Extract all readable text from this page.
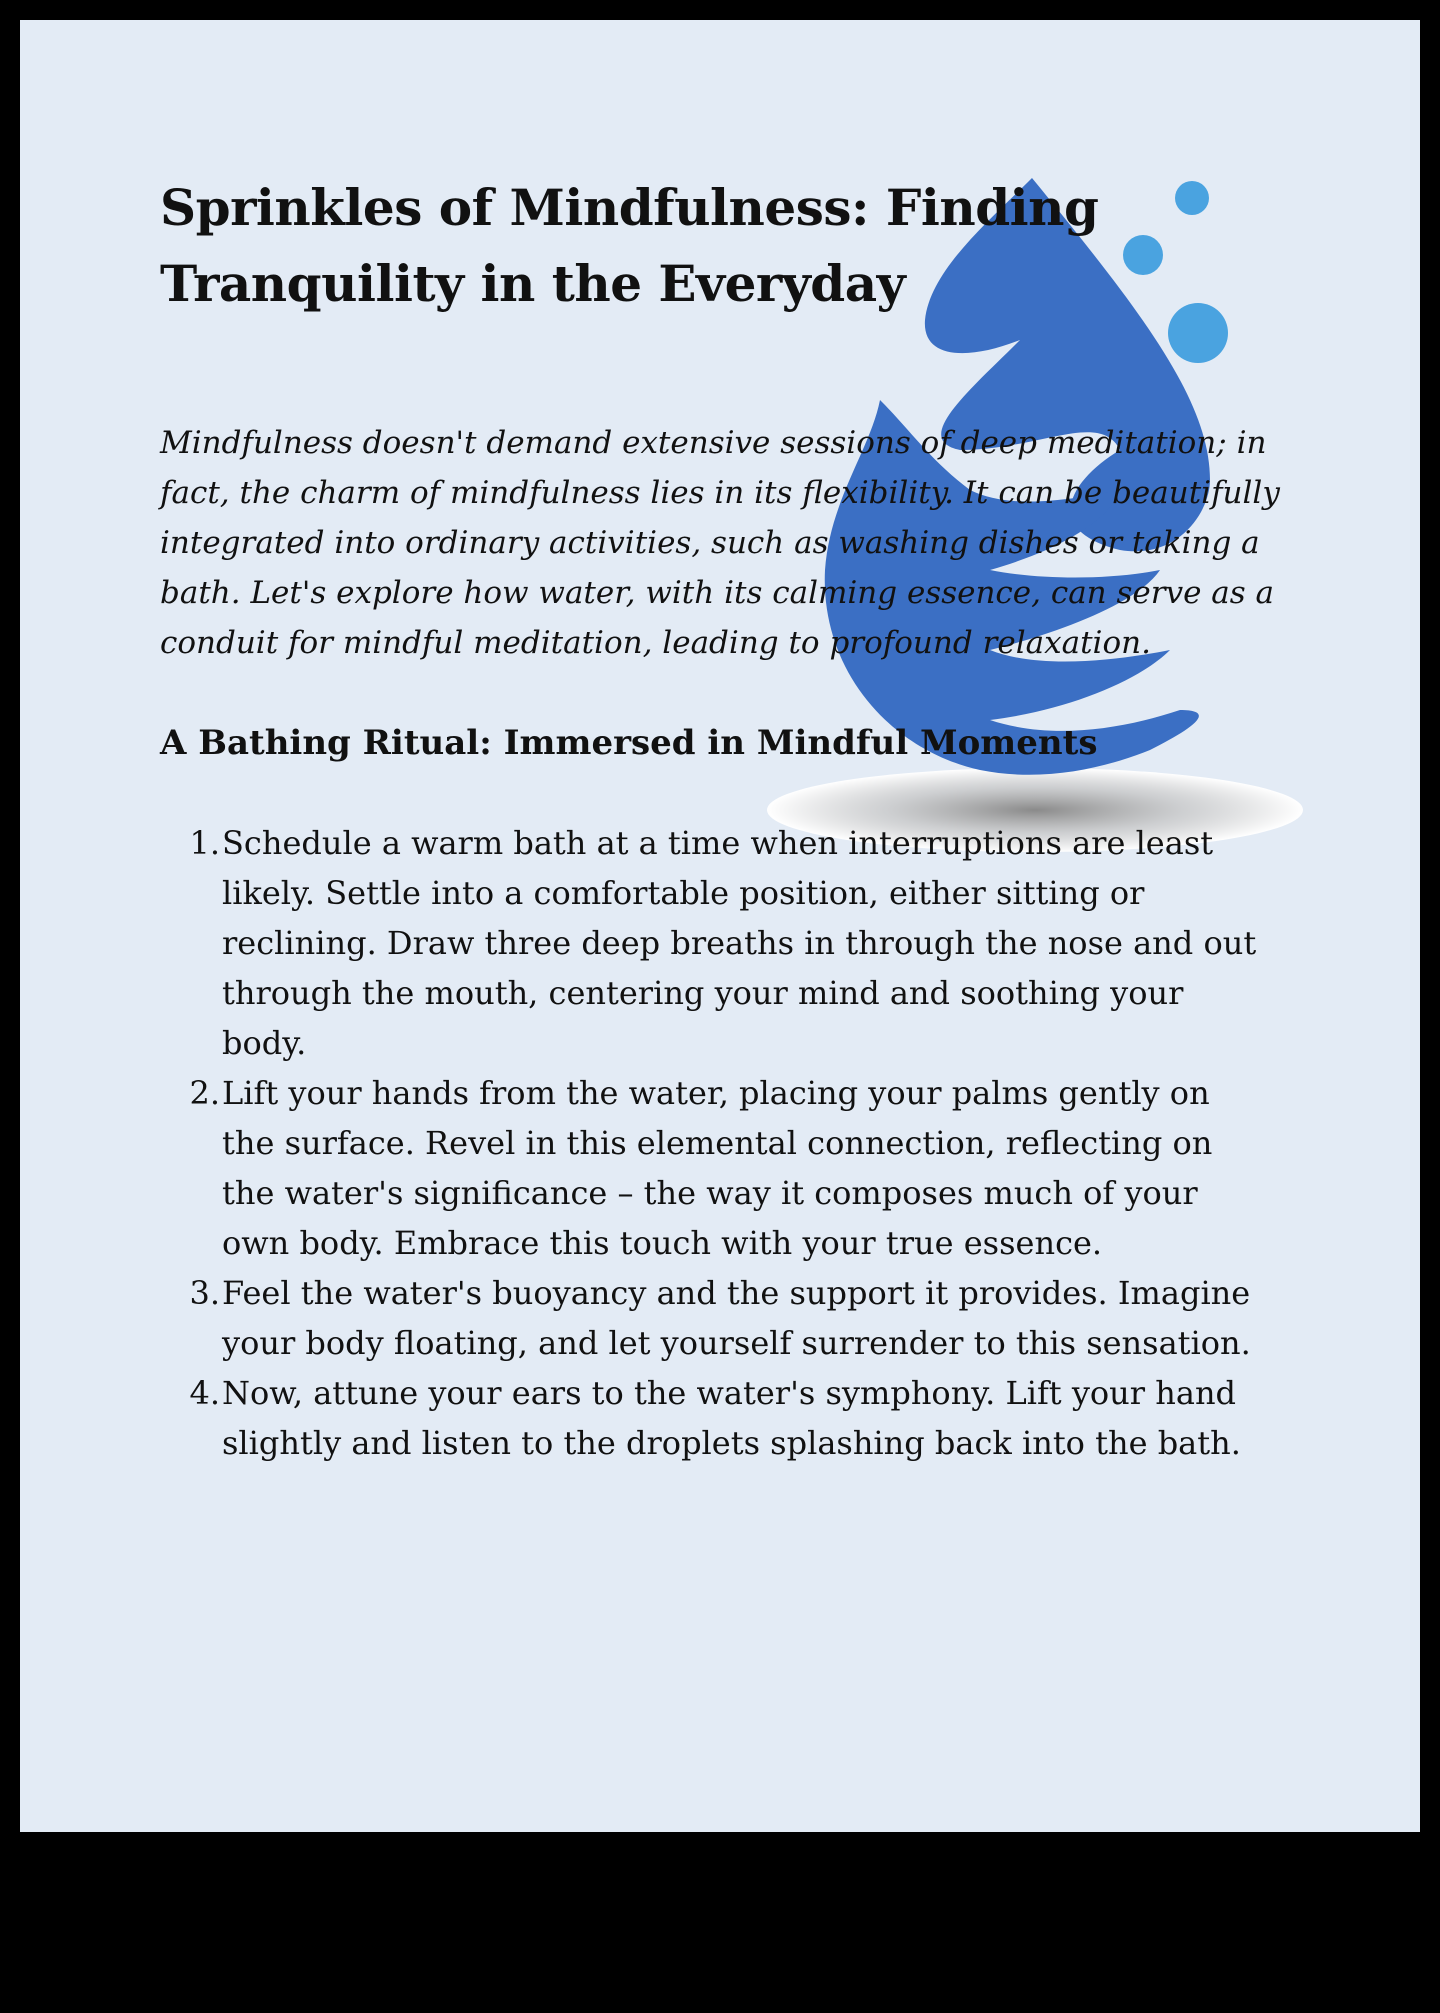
Sprinkles of Mindfulness: Finding Tranquility in the Everyday

Mindfulness doesn't demand extensive sessions of deep meditation; in fact, the charm of mindfulness lies in its flexibility. It can be beautifully integrated into ordinary activities, such as washing dishes or taking a bath. Let's explore how water, with its calming essence, can serve as a conduit for mindful meditation, leading to profound relaxation.

A Bathing Ritual: Immersed in Mindful Moments
1. Schedule a warm bath at a time when interruptions are least likely. Settle into a comfortable position, either sitting or reclining. Draw three deep breaths in through the nose and out through the mouth, centering your mind and soothing your body.
2. Lift your hands from the water, placing your palms gently on the surface. Revel in this elemental connection, reflecting on the water's significance – the way it composes much of your own body. Embrace this touch with your true essence.
3. Feel the water's buoyancy and the support it provides. Imagine your body floating, and let yourself surrender to this sensation.
4. Now, attune your ears to the water's symphony. Lift your hand slightly and listen to the droplets splashing back into the bath.
